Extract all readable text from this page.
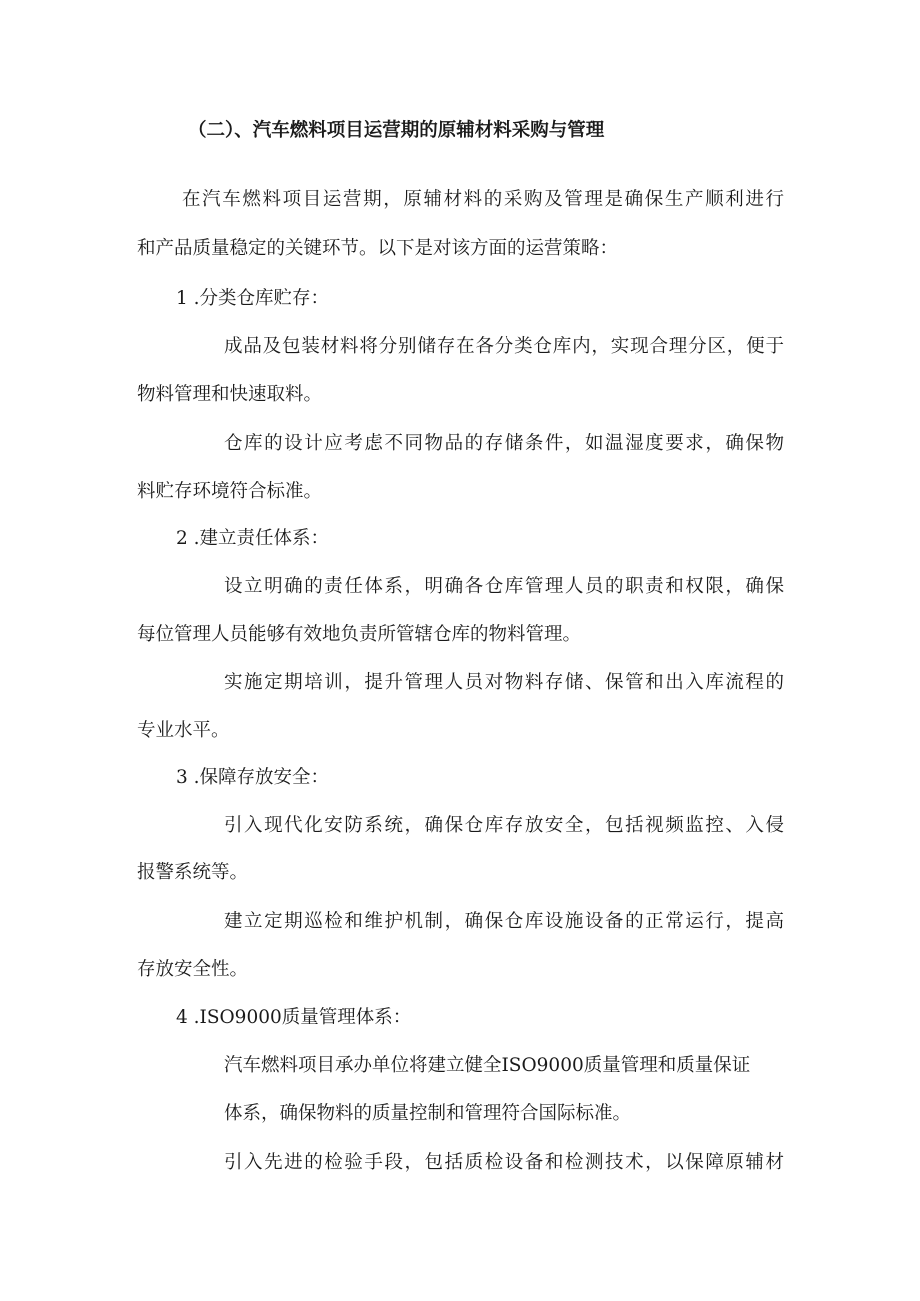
（二）、汽车燃料项目运营期的原辅材料采购与管理
在汽车燃料项目运营期，原辅材料的采购及管理是确保生产顺利进行
和产品质量稳定的关键环节。以下是对该方面的运营策略：
1 .分类仓库贮存：
成品及包装材料将分别储存在各分类仓库内，实现合理分区，便于
物料管理和快速取料。
仓库的设计应考虑不同物品的存储条件，如温湿度要求，确保物
料贮存环境符合标准。
2 .建立责任体系：
设立明确的责任体系，明确各仓库管理人员的职责和权限，确保
每位管理人员能够有效地负责所管辖仓库的物料管理。
实施定期培训，提升管理人员对物料存储、保管和出入库流程的
专业水平。
3 .保障存放安全：
引入现代化安防系统，确保仓库存放安全，包括视频监控、入侵
报警系统等。
建立定期巡检和维护机制，确保仓库设施设备的正常运行，提高
存放安全性。
4 .ISO9000质量管理体系：
汽车燃料项目承办单位将建立健全ISO9000质量管理和质量保证
体系，确保物料的质量控制和管理符合国际标准。
引入先进的检验手段，包括质检设备和检测技术，以保障原辅材
